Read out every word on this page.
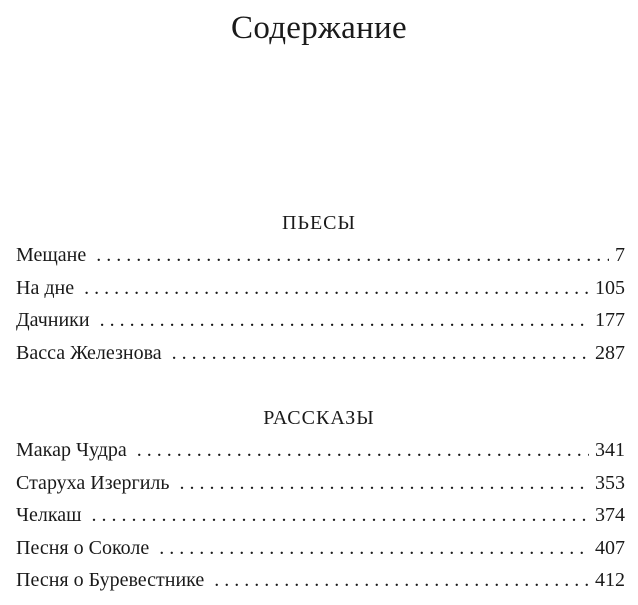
Содержание
ПЬЕСЫ
Мещане . . .	7
На дне . . .	105
Дачники . . .	177
Васса Железнова . . .	287
РАССКАЗЫ
Макар Чудра . . .	341
Старуха Изергиль . . .	353
Челкаш . . .	374
Песня о Соколе . . .	407
Песня о Буревестнике . . .	412
